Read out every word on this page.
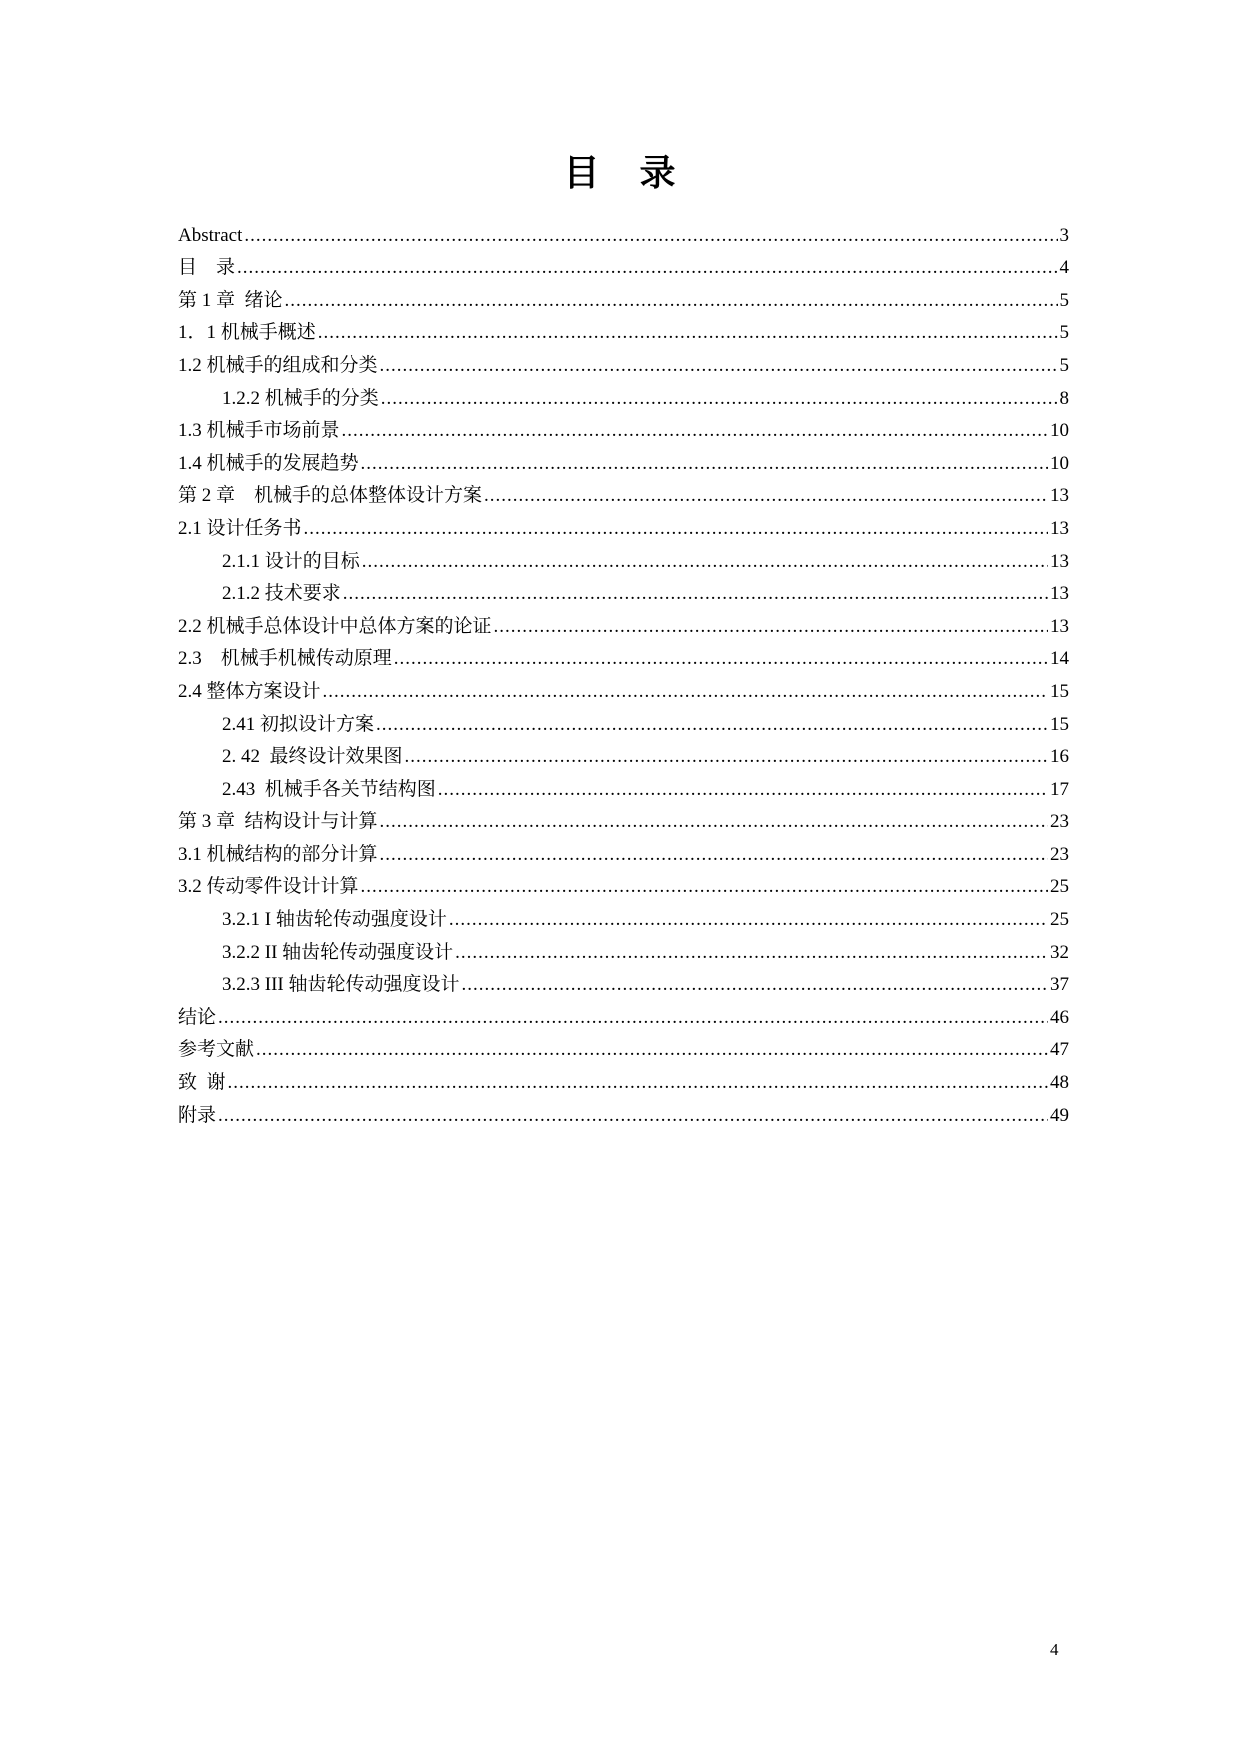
目　录
Abstract .....	3
目　录 .....	4
第 1 章  绪论 .....	5
1．1 机械手概述 .....	5
1.2 机械手的组成和分类 .....	5
1.2.2 机械手的分类 .....	8
1.3 机械手市场前景 .....	10
1.4 机械手的发展趋势 .....	10
第 2 章　机械手的总体整体设计方案 .....	13
2.1 设计任务书 .....	13
2.1.1 设计的目标 .....	13
2.1.2 技术要求 .....	13
2.2 机械手总体设计中总体方案的论证 .....	13
2.3　机械手机械传动原理 .....	14
2.4 整体方案设计 .....	15
2.41 初拟设计方案 .....	15
2. 42  最终设计效果图 .....	16
2.43  机械手各关节结构图 .....	17
第 3 章  结构设计与计算 .....	23
3.1 机械结构的部分计算 .....	23
3.2 传动零件设计计算 .....	25
3.2.1 I 轴齿轮传动强度设计 .....	25
3.2.2 II 轴齿轮传动强度设计 .....	32
3.2.3 III 轴齿轮传动强度设计 .....	37
结论 .....	46
参考文献 .....	47
致  谢 .....	48
附录 .....	49
4
